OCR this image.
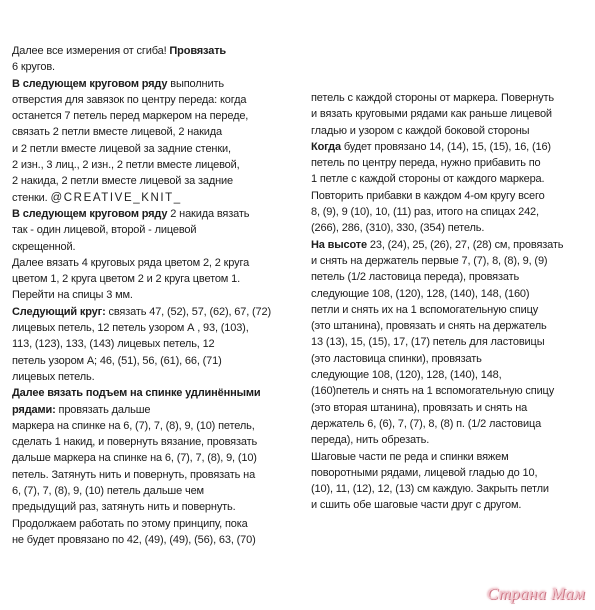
Далее все измерения от сгиба! Провязать

6 кругов.

В следующем круговом ряду выполнить

отверстия для завязок по центру переда: когда

останется 7 петель перед маркером на переде,

связать 2 петли вместе лицевой, 2 накида

и 2 петли вместе лицевой за задние стенки,

2 изн., 3 лиц., 2 изн., 2 петли вместе лицевой,

2 накида, 2 петли вместе лицевой за задние

стенки. @CREATIVE_KNIT_

В следующем круговом ряду 2 накида вязать

так - один лицевой, второй - лицевой

скрещенной.

Далее вязать 4 круговых ряда цветом 2, 2 круга

цветом 1, 2 круга цветом 2 и 2 круга цветом 1.

Перейти на спицы 3 мм.

Следующий круг: связать 47, (52), 57, (62), 67, (72)

лицевых петель, 12 петель узором А , 93, (103),

113, (123), 133, (143) лицевых петель, 12

петель узором А; 46, (51), 56, (61), 66, (71)

лицевых петель.

Далее вязать подъем на спинке удлинёнными

рядами: провязать дальше

маркера на спинке на 6, (7), 7, (8), 9, (10) петель,

сделать 1 накид, и повернуть вязание, провязать

дальше маркера на спинке на 6, (7), 7, (8), 9, (10)

петель. Затянуть нить и повернуть, провязать на

6, (7), 7, (8), 9, (10) петель дальше чем

предыдущий раз, затянуть нить и повернуть.

Продолжаем работать по этому принципу, пока

не будет провязано по 42, (49), (49), (56), 63, (70)

петель с каждой стороны от маркера. Повернуть

и вязать круговыми рядами как раньше лицевой

гладью и узором с каждой боковой стороны

Когда будет провязано 14, (14), 15, (15), 16, (16)

петель по центру переда, нужно прибавить по

1 петле с каждой стороны от каждого маркера.

Повторить прибавки в каждом 4-ом кругу всего

8, (9), 9 (10), 10, (11) раз, итого на спицах 242,

(266), 286, (310), 330, (354) петель.

На высоте 23, (24), 25, (26), 27, (28) см, провязать

и снять на держатель первые 7, (7), 8, (8), 9, (9)

петель (1/2 ластовица переда), провязать

следующие 108, (120), 128, (140), 148, (160)

петли и снять их на 1 вспомогательную спицу

(это штанина), провязать и снять на держатель

13 (13), 15, (15), 17, (17) петель для ластовицы

(это ластовица спинки), провязать

следующие 108, (120), 128, (140), 148,

(160)петель и снять на 1 вспомогательную спицу

(это вторая штанина), провязать и снять на

держатель 6, (6), 7, (7), 8, (8) п. (1/2 ластовица

переда), нить обрезать.

Шаговые части пе реда и спинки вяжем

поворотными рядами, лицевой гладью до 10,

(10), 11, (12), 12, (13) см каждую. Закрыть петли

и сшить обе шаговые части друг с другом.

Страна Мам
